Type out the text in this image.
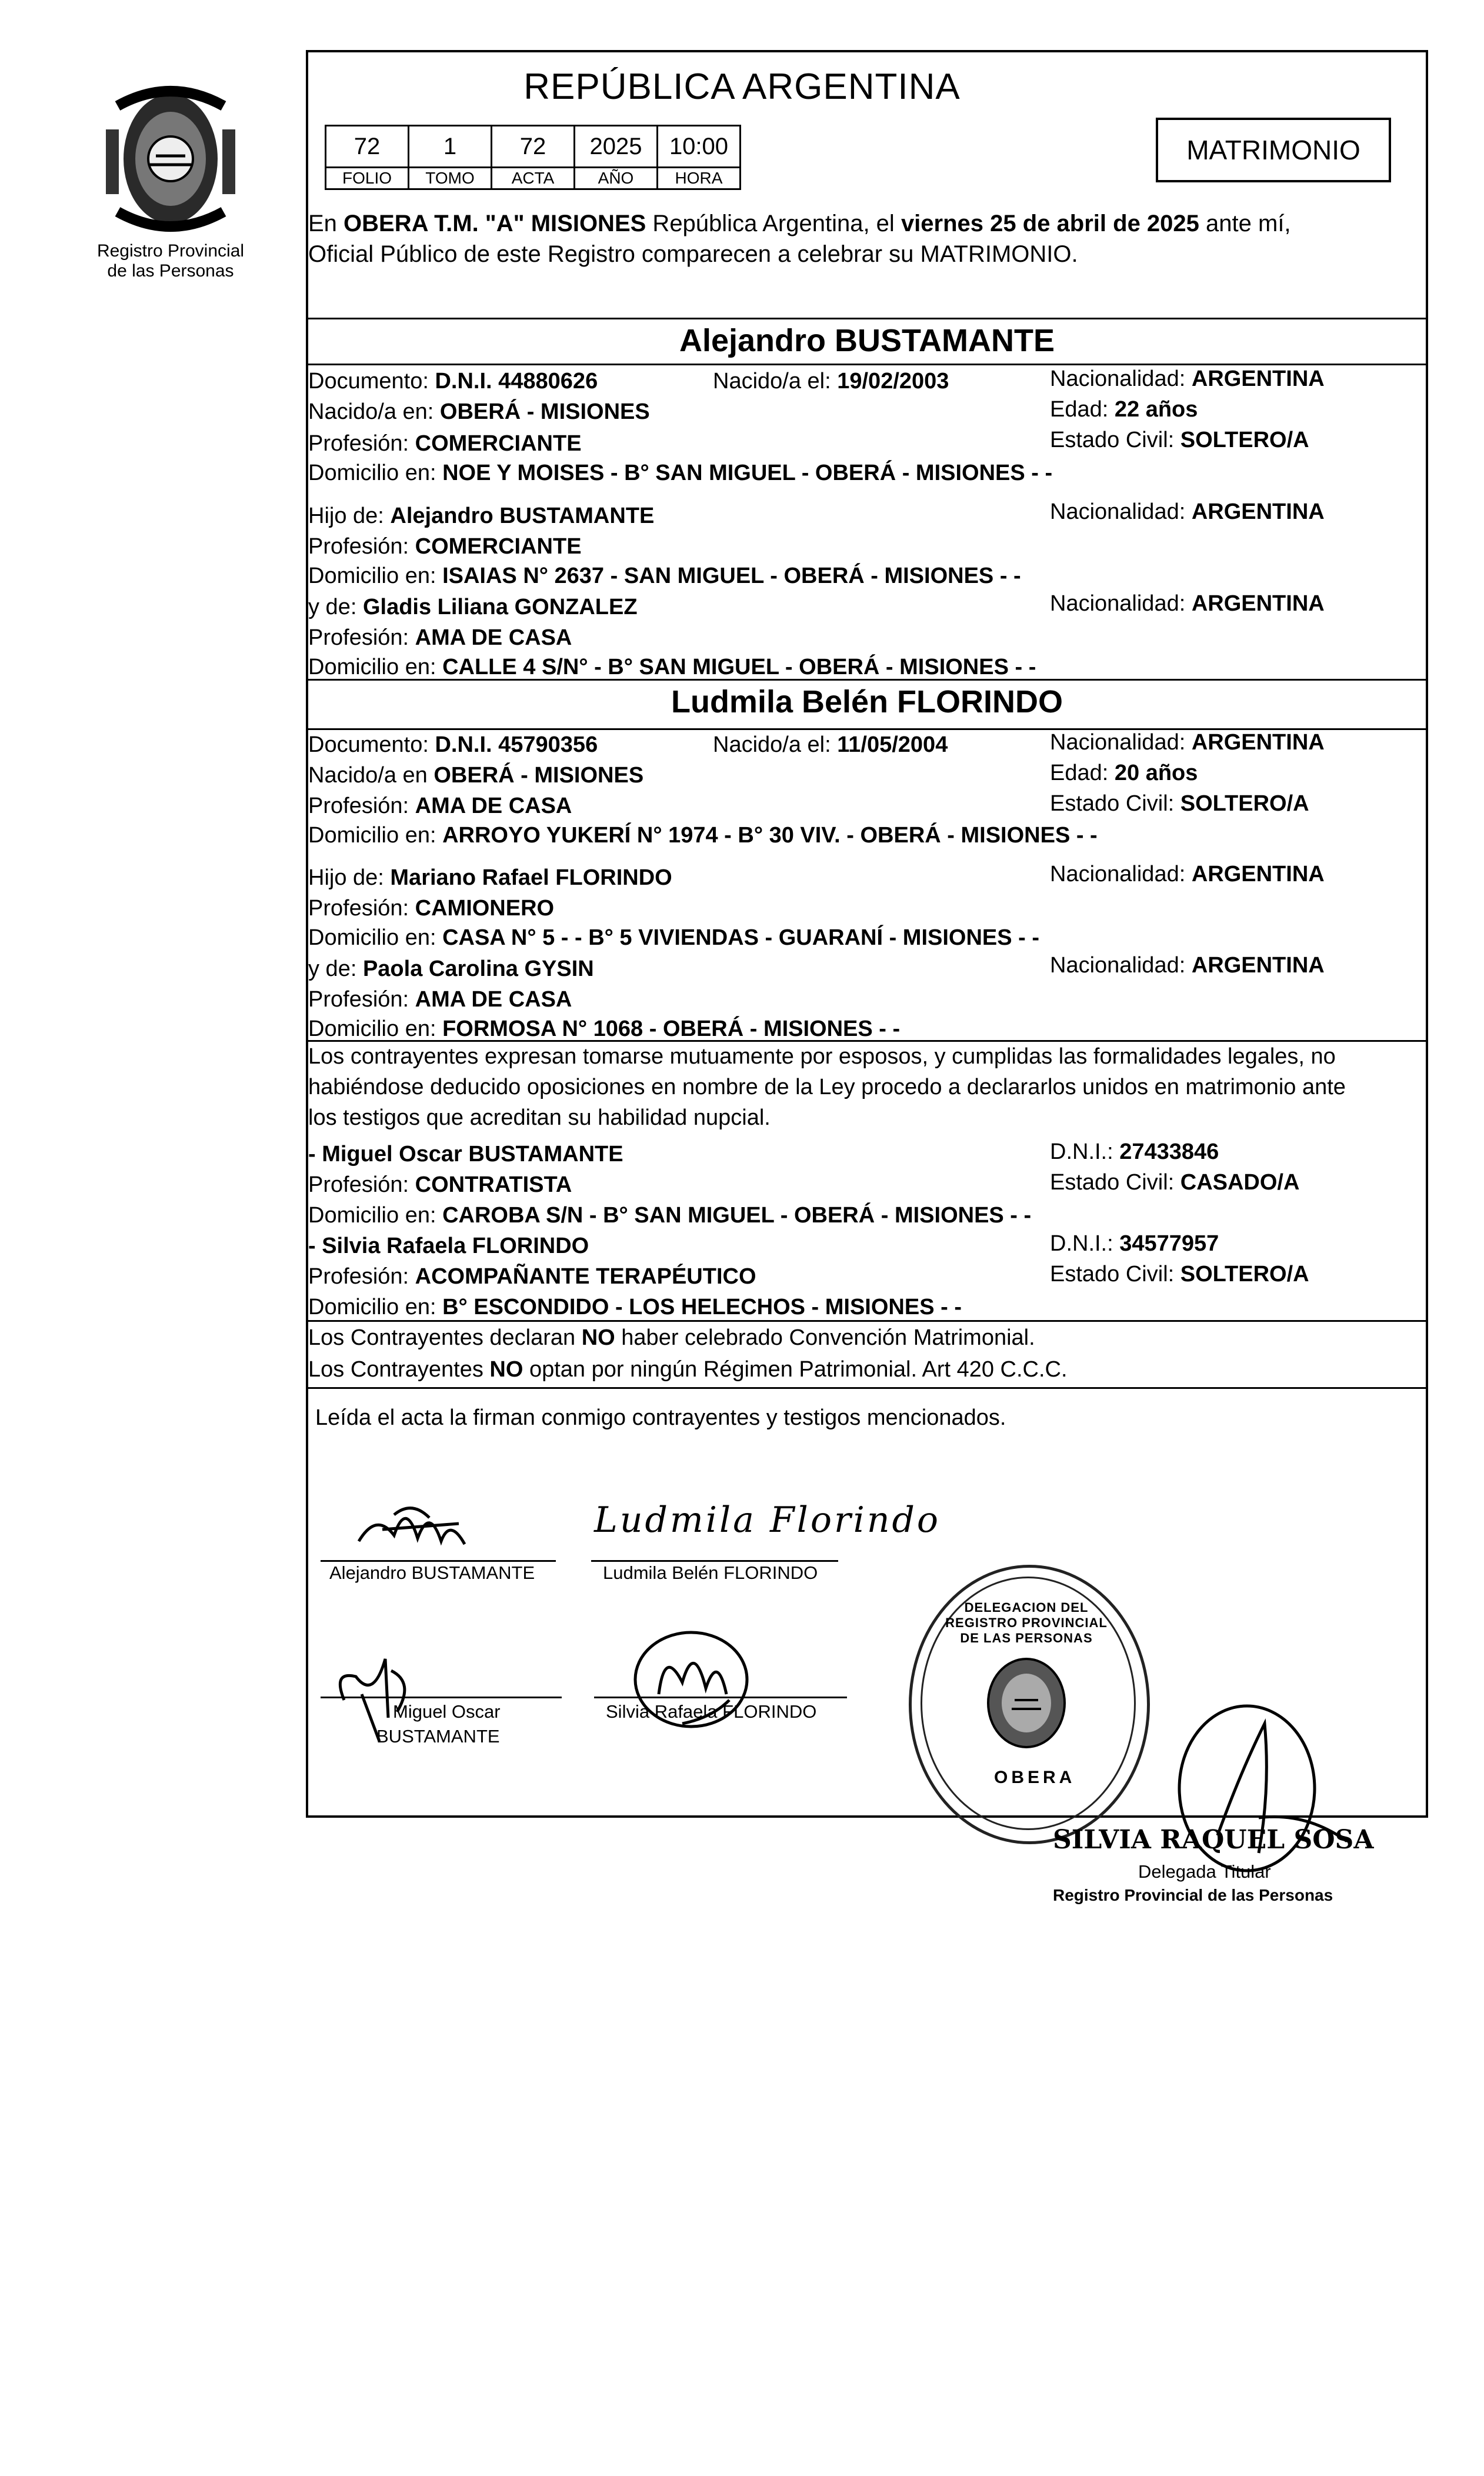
Registro Provincial
de las Personas
REPÚBLICA ARGENTINA
72	1	72	2025	10:00
FOLIO	TOMO	ACTA	AÑO	HORA
MATRIMONIO
En OBERA T.M. "A" MISIONES República Argentina, el viernes 25 de abril de 2025 ante mí,
Oficial Público de este Registro comparecen a celebrar su MATRIMONIO.
Alejandro BUSTAMANTE
Documento: D.N.I. 44880626	Nacido/a el: 19/02/2003	Nacionalidad: ARGENTINA
Nacido/a en: OBERÁ - MISIONES	Edad: 22 años
Profesión: COMERCIANTE	Estado Civil: SOLTERO/A
Domicilio en: NOE Y MOISES - B° SAN MIGUEL - OBERÁ - MISIONES - -
Hijo de: Alejandro BUSTAMANTE	Nacionalidad: ARGENTINA
Profesión: COMERCIANTE
Domicilio en: ISAIAS N° 2637 - SAN MIGUEL - OBERÁ - MISIONES - -
y de: Gladis Liliana GONZALEZ	Nacionalidad: ARGENTINA
Profesión: AMA DE CASA
Domicilio en: CALLE 4 S/N° - B° SAN MIGUEL - OBERÁ - MISIONES - -
Ludmila Belén FLORINDO
Documento: D.N.I. 45790356	Nacido/a el: 11/05/2004	Nacionalidad: ARGENTINA
Nacido/a en OBERÁ - MISIONES	Edad: 20 años
Profesión: AMA DE CASA	Estado Civil: SOLTERO/A
Domicilio en: ARROYO YUKERÍ N° 1974 - B° 30 VIV. - OBERÁ - MISIONES - -
Hijo de: Mariano Rafael FLORINDO	Nacionalidad: ARGENTINA
Profesión: CAMIONERO
Domicilio en: CASA N° 5 - - B° 5 VIVIENDAS - GUARANÍ - MISIONES - -
y de: Paola Carolina GYSIN	Nacionalidad: ARGENTINA
Profesión: AMA DE CASA
Domicilio en: FORMOSA N° 1068 - OBERÁ - MISIONES - -
Los contrayentes expresan tomarse mutuamente por esposos, y cumplidas las formalidades legales, no
habiéndose deducido oposiciones en nombre de la Ley procedo a declararlos unidos en matrimonio ante
los testigos que acreditan su habilidad nupcial.
- Miguel Oscar BUSTAMANTE	D.N.I.: 27433846
Profesión: CONTRATISTA	Estado Civil: CASADO/A
Domicilio en: CAROBA S/N - B° SAN MIGUEL - OBERÁ - MISIONES - -
- Silvia Rafaela FLORINDO	D.N.I.: 34577957
Profesión: ACOMPAÑANTE TERAPÉUTICO	Estado Civil: SOLTERO/A
Domicilio en: B° ESCONDIDO - LOS HELECHOS - MISIONES - -
Los Contrayentes declaran NO haber celebrado Convención Matrimonial.
Los Contrayentes NO optan por ningún Régimen Patrimonial. Art 420 C.C.C.
Leída el acta la firman conmigo contrayentes y testigos mencionados.
Alejandro BUSTAMANTE
Ludmila Florindo
Ludmila Belén FLORINDO
Miguel Oscar
BUSTAMANTE
Silvia Rafaela FLORINDO
DELEGACION DEL REGISTRO PROVINCIAL DE LAS PERSONAS
OBERA
SILVIA RAQUEL SOSA
Delegada Titular
Registro Provincial de las Personas
